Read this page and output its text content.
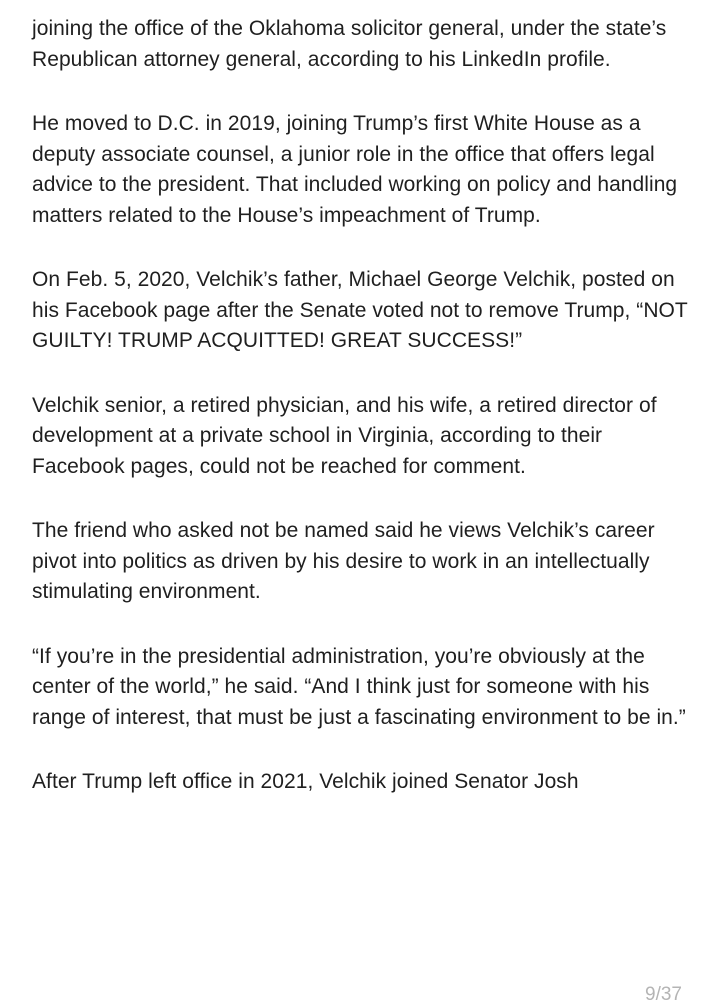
joining the office of the Oklahoma solicitor general, under the state’s Republican attorney general, according to his LinkedIn profile.

He moved to D.C. in 2019, joining Trump’s first White House as a deputy associate counsel, a junior role in the office that offers legal advice to the president. That included working on policy and handling matters related to the House’s impeachment of Trump.

On Feb. 5, 2020, Velchik’s father, Michael George Velchik, posted on his Facebook page after the Senate voted not to remove Trump, “NOT GUILTY! TRUMP ACQUITTED! GREAT SUCCESS!”

Velchik senior, a retired physician, and his wife, a retired director of development at a private school in Virginia, according to their Facebook pages, could not be reached for comment.

The friend who asked not be named said he views Velchik’s career pivot into politics as driven by his desire to work in an intellectually stimulating environment.

“If you’re in the presidential administration, you’re obviously at the center of the world,” he said. “And I think just for someone with his range of interest, that must be just a fascinating environment to be in.”

After Trump left office in 2021, Velchik joined Senator Josh

9/37
